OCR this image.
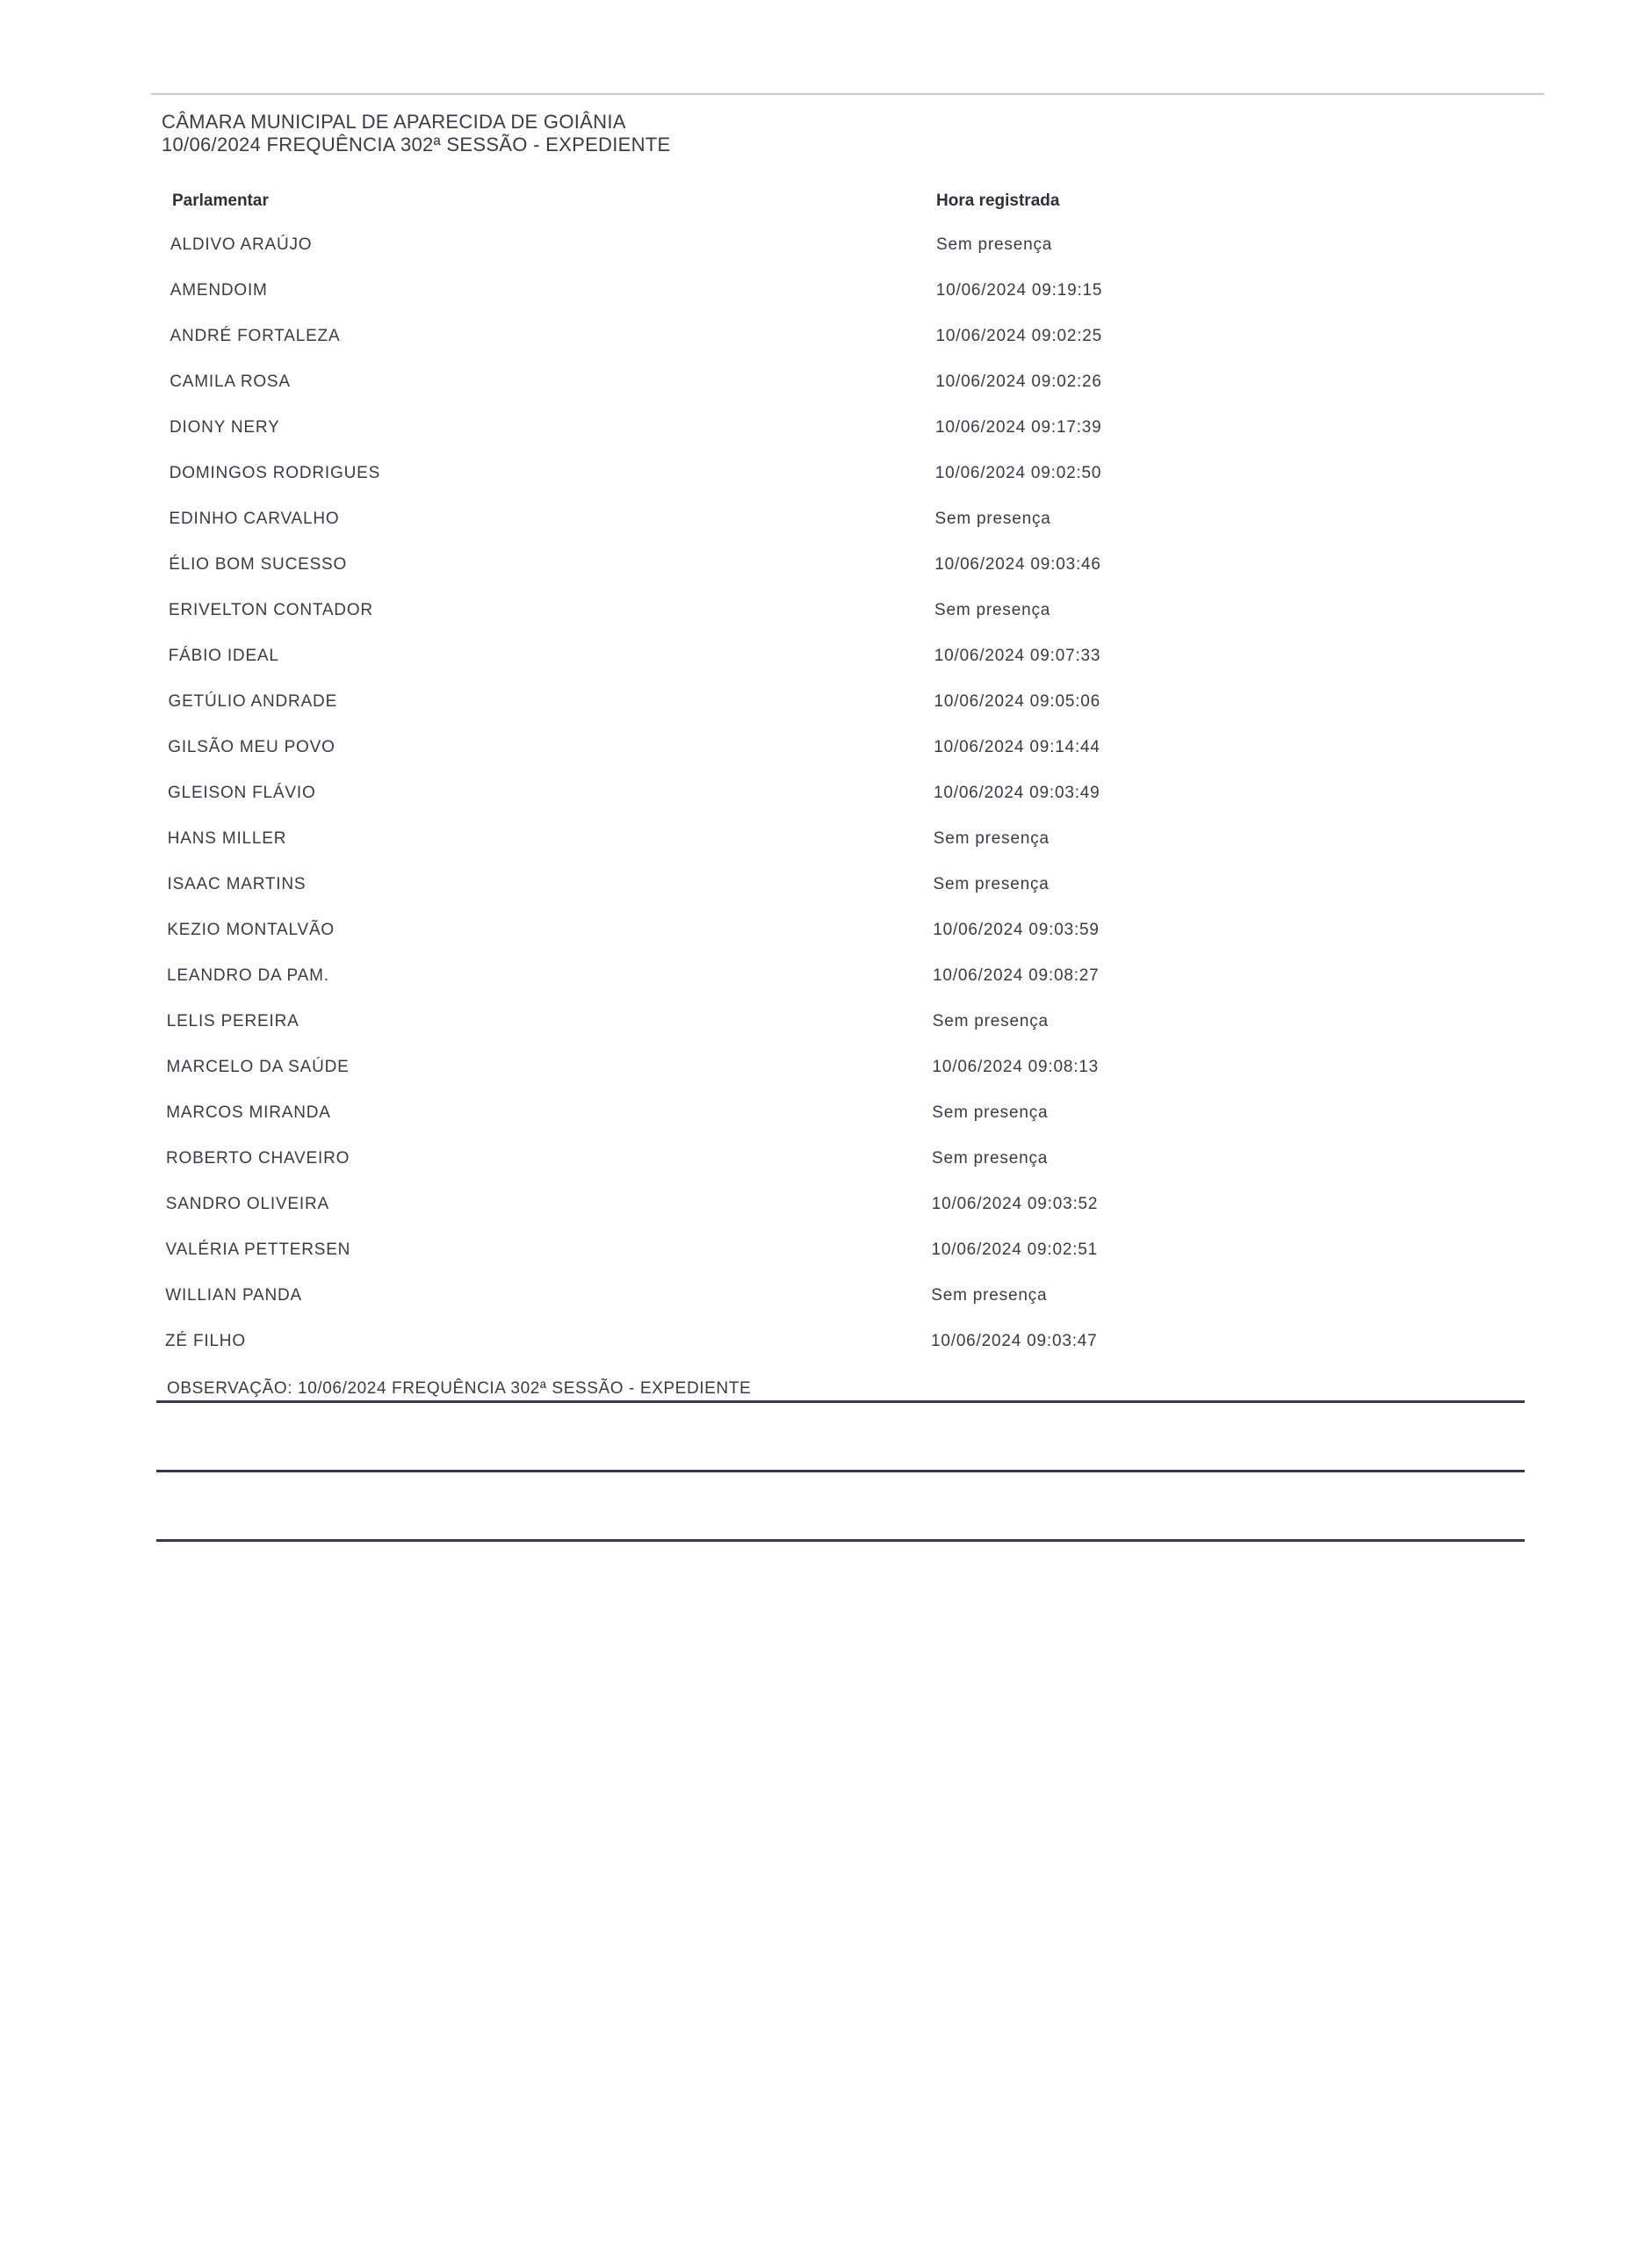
CÂMARA MUNICIPAL DE APARECIDA DE GOIÂNIA
10/06/2024 FREQUÊNCIA 302ª SESSÃO - EXPEDIENTE
Parlamentar	Hora registrada
ALDIVO ARAÚJO	Sem presença
AMENDOIM	10/06/2024 09:19:15
ANDRÉ FORTALEZA	10/06/2024 09:02:25
CAMILA ROSA	10/06/2024 09:02:26
DIONY NERY	10/06/2024 09:17:39
DOMINGOS RODRIGUES	10/06/2024 09:02:50
EDINHO CARVALHO	Sem presença
ÉLIO BOM SUCESSO	10/06/2024 09:03:46
ERIVELTON CONTADOR	Sem presença
FÁBIO IDEAL	10/06/2024 09:07:33
GETÚLIO ANDRADE	10/06/2024 09:05:06
GILSÃO MEU POVO	10/06/2024 09:14:44
GLEISON FLÁVIO	10/06/2024 09:03:49
HANS MILLER	Sem presença
ISAAC MARTINS	Sem presença
KEZIO MONTALVÃO	10/06/2024 09:03:59
LEANDRO DA PAM.	10/06/2024 09:08:27
LELIS PEREIRA	Sem presença
MARCELO DA SAÚDE	10/06/2024 09:08:13
MARCOS MIRANDA	Sem presença
ROBERTO CHAVEIRO	Sem presença
SANDRO OLIVEIRA	10/06/2024 09:03:52
VALÉRIA PETTERSEN	10/06/2024 09:02:51
WILLIAN PANDA	Sem presença
ZÉ FILHO	10/06/2024 09:03:47
OBSERVAÇÃO: 10/06/2024 FREQUÊNCIA 302ª SESSÃO - EXPEDIENTE
